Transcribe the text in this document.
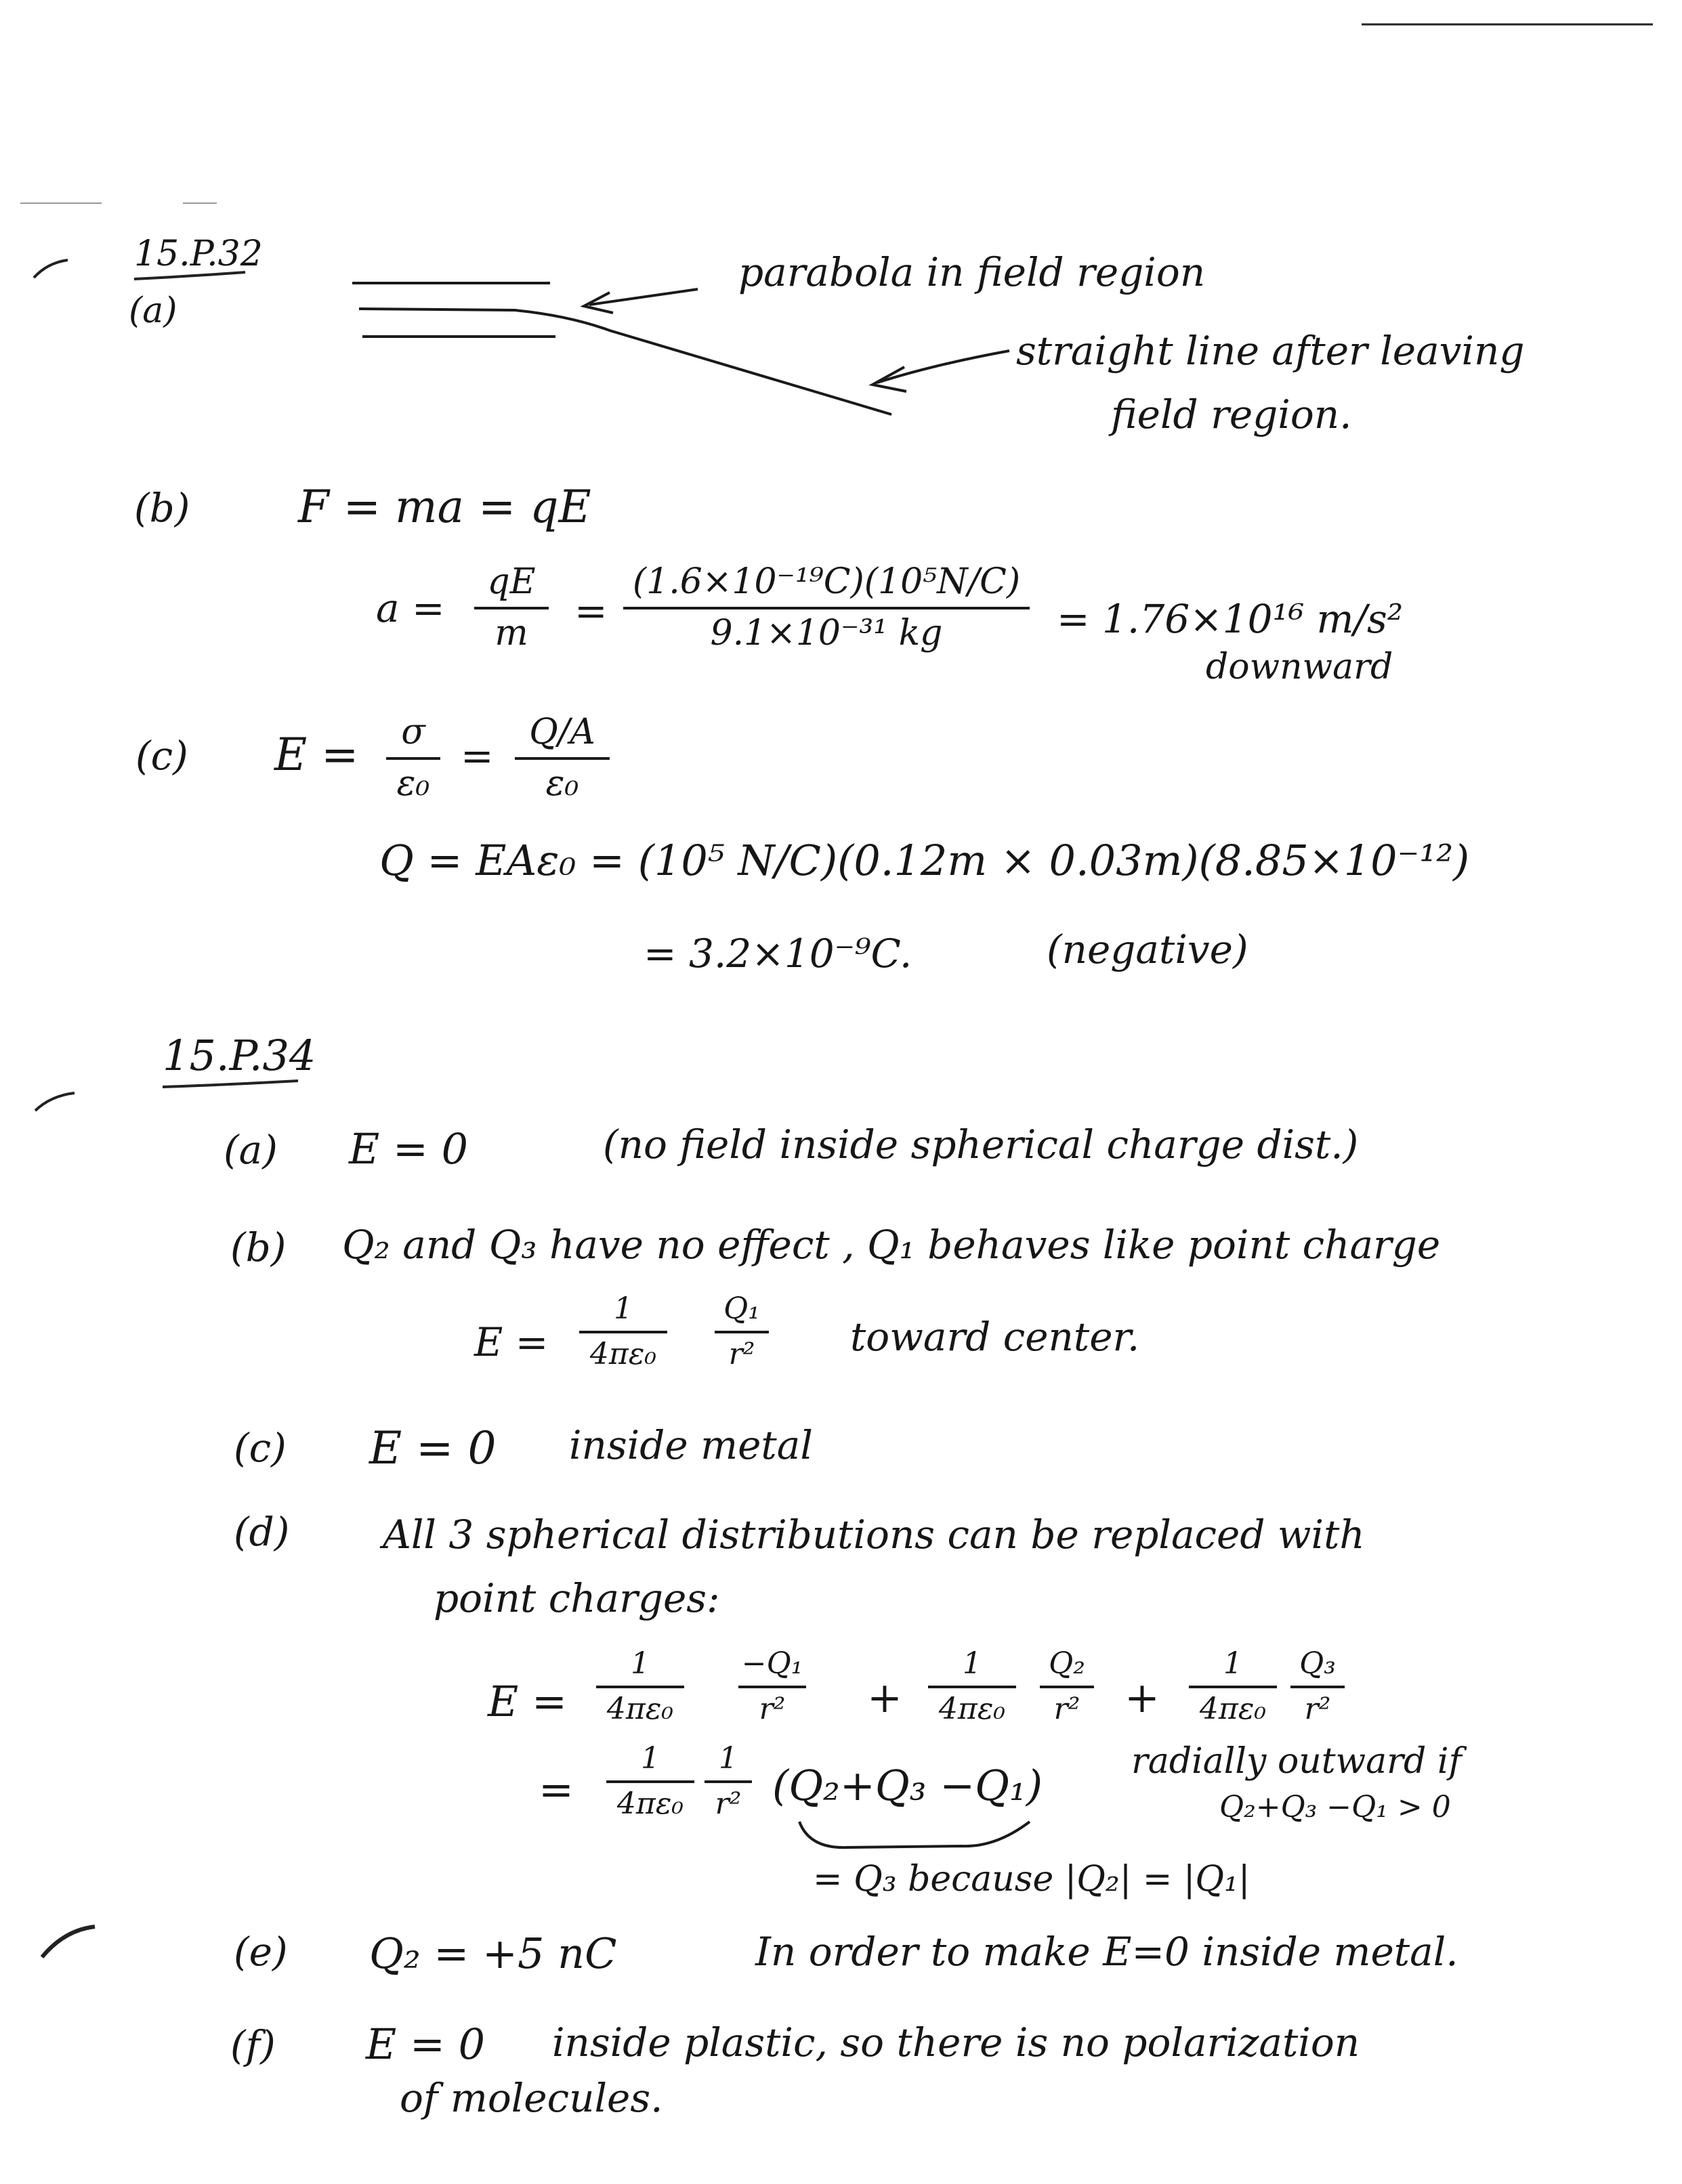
15.P.32
(a)
parabola in field region
straight line after leaving
field region.
(b) F = ma = qE
a =
qE
m	=
(1.6×10⁻¹⁹C)(10⁵N/C)
9.1×10⁻³¹ kg	= 1.76×10¹⁶ m/s²
downward
(c) E =	σ
ε₀
=
Q/A
ε₀
Q = EAε₀ = (10⁵ N/C)(0.12m × 0.03m)(8.85×10⁻¹²)
= 3.2×10⁻⁹C.	(negative)
15.P.34
(a) E = 0	(no field inside spherical charge dist.)
(b) Q₂ and Q₃ have no effect , Q₁ behaves like point charge
E =
1
4πε₀
Q₁
r²	toward center.
(c) E = 0 inside metal
(d) All 3 spherical distributions can be replaced with
point charges:
E =
1
4πε₀
−Q₁
r²	+
1
4πε₀
Q₂
r²	+
1
4πε₀
Q₃
r²
=
1
4πε₀
1
r² (Q₂+Q₃ −Q₁)	radially outward if
Q₂+Q₃ −Q₁ > 0
= Q₃ because |Q₂| = |Q₁|
(e) Q₂ = +5 nC	In order to make E=0 inside metal.
(f) E = 0 inside plastic, so there is no polarization
of molecules.
